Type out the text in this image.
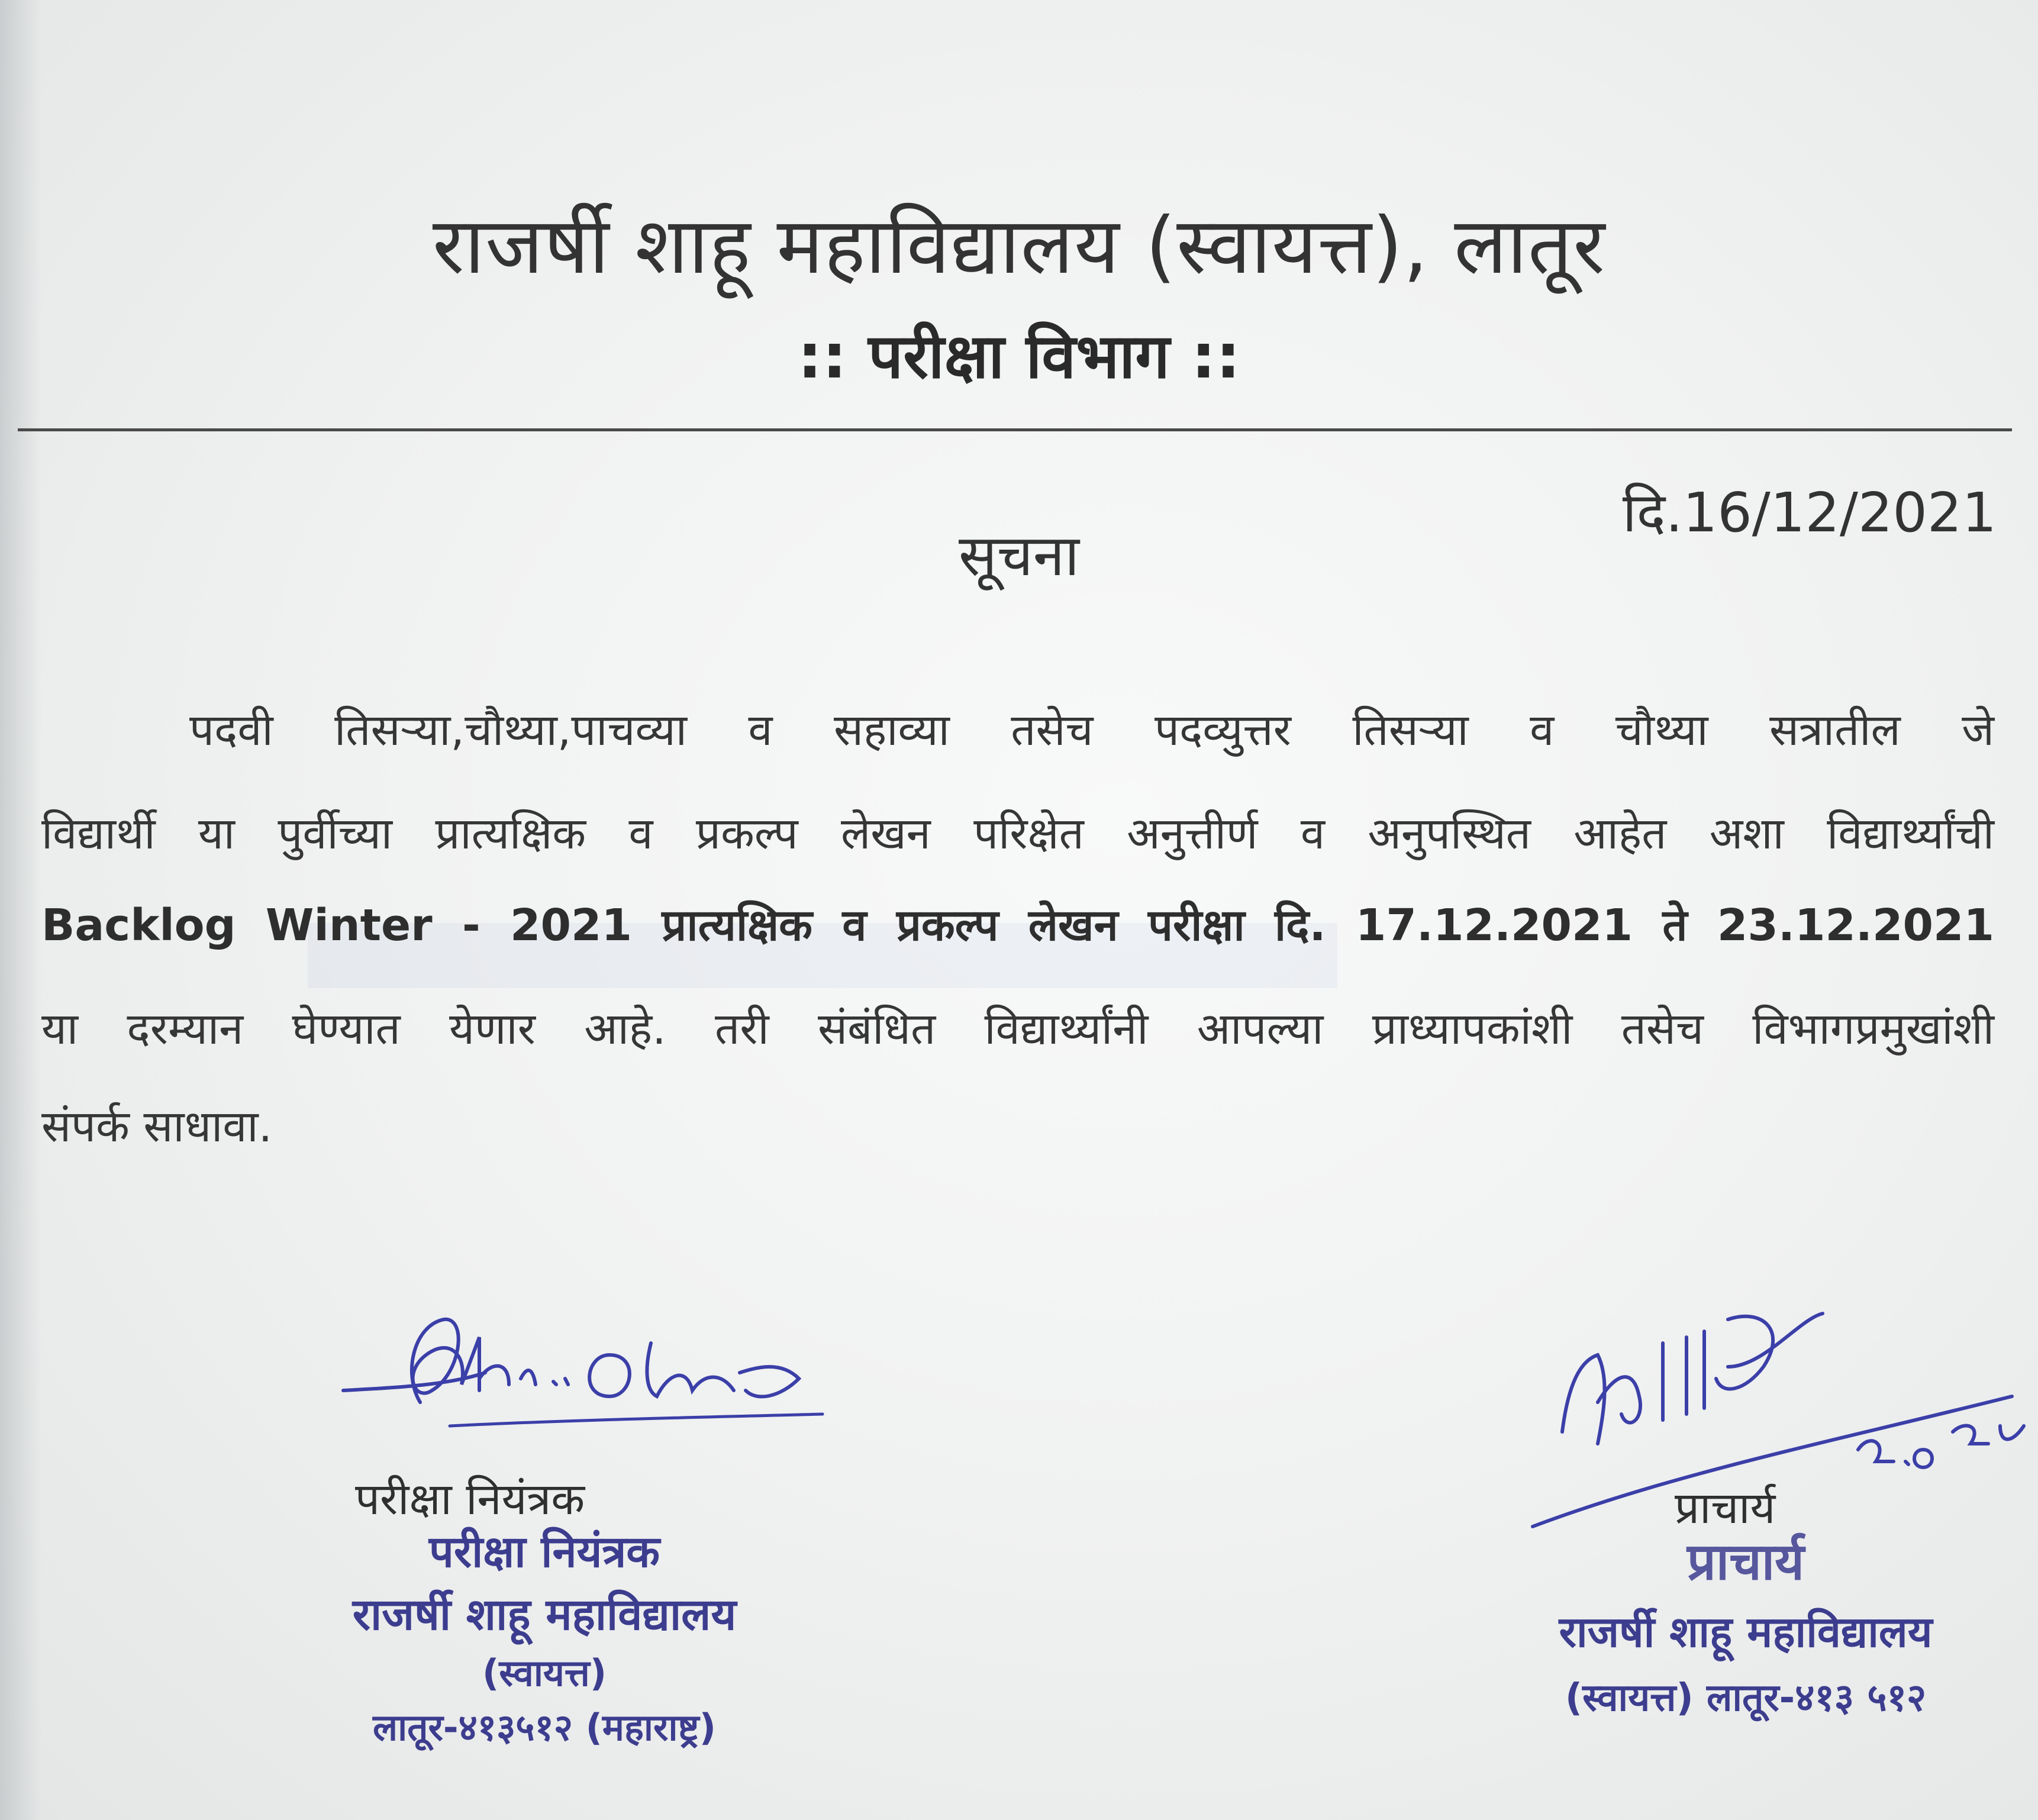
राजर्षी शाहू महाविद्यालय (स्वायत्त), लातूर
:: परीक्षा विभाग ::
दि.16/12/2021
सूचना
पदवी तिसऱ्या,चौथ्या,पाचव्या व सहाव्या तसेच पदव्युत्तर तिसऱ्या व चौथ्या सत्रातील जे
विद्यार्थी या पुर्वीच्या प्रात्यक्षिक व प्रकल्प लेखन परिक्षेत अनुत्तीर्ण व अनुपस्थित आहेत अशा विद्यार्थ्यांची
Backlog Winter - 2021 प्रात्यक्षिक व प्रकल्प लेखन परीक्षा दि. 17.12.2021 ते 23.12.2021
या दरम्यान घेण्यात येणार आहे. तरी संबंधित विद्यार्थ्यांनी आपल्या प्राध्यापकांशी तसेच विभागप्रमुखांशी
संपर्क साधावा.
परीक्षा नियंत्रक
परीक्षा नियंत्रक
राजर्षी शाहू महाविद्यालय
(स्वायत्त)
लातूर-४१३५१२ (महाराष्ट्र)
प्राचार्य
प्राचार्य
राजर्षी शाहू महाविद्यालय
(स्वायत्त) लातूर-४१३ ५१२
